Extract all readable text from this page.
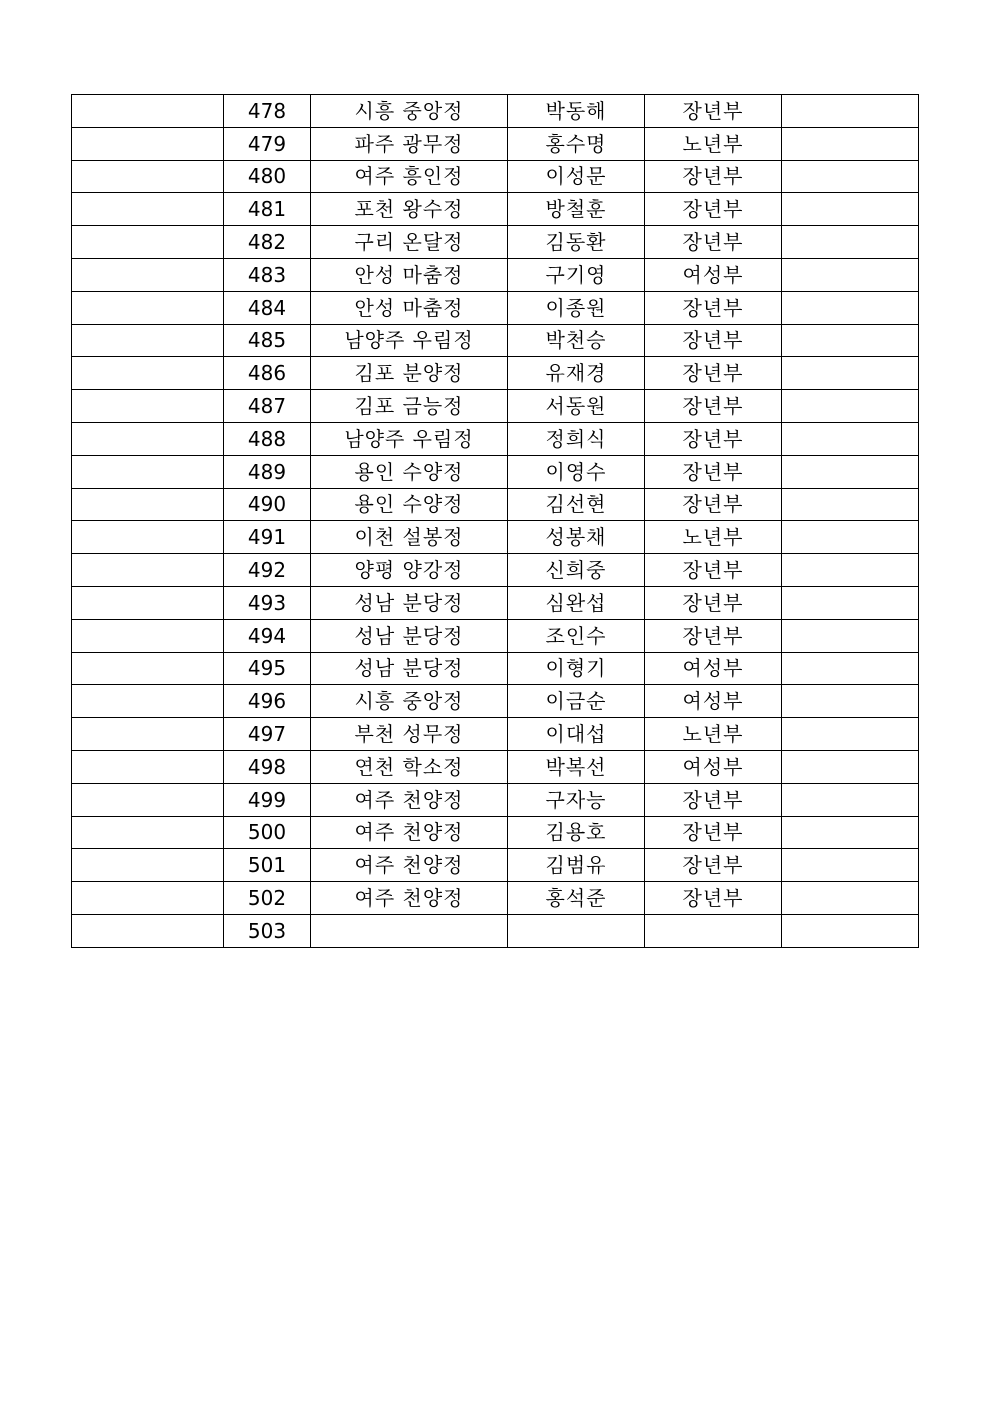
	478	시흥 중앙정	박동해	장년부	
	479	파주 광무정	홍수명	노년부	
	480	여주 흥인정	이성문	장년부	
	481	포천 왕수정	방철훈	장년부	
	482	구리 온달정	김동환	장년부	
	483	안성 마춤정	구기영	여성부	
	484	안성 마춤정	이종원	장년부	
	485	남양주 우림정	박천승	장년부	
	486	김포 분양정	유재경	장년부	
	487	김포 금능정	서동원	장년부	
	488	남양주 우림정	정희식	장년부	
	489	용인 수양정	이영수	장년부	
	490	용인 수양정	김선현	장년부	
	491	이천 설봉정	성봉채	노년부	
	492	양평 양강정	신희중	장년부	
	493	성남 분당정	심완섭	장년부	
	494	성남 분당정	조인수	장년부	
	495	성남 분당정	이형기	여성부	
	496	시흥 중앙정	이금순	여성부	
	497	부천 성무정	이대섭	노년부	
	498	연천 학소정	박복선	여성부	
	499	여주 천양정	구자능	장년부	
	500	여주 천양정	김용호	장년부	
	501	여주 천양정	김범유	장년부	
	502	여주 천양정	홍석준	장년부	
	503				
